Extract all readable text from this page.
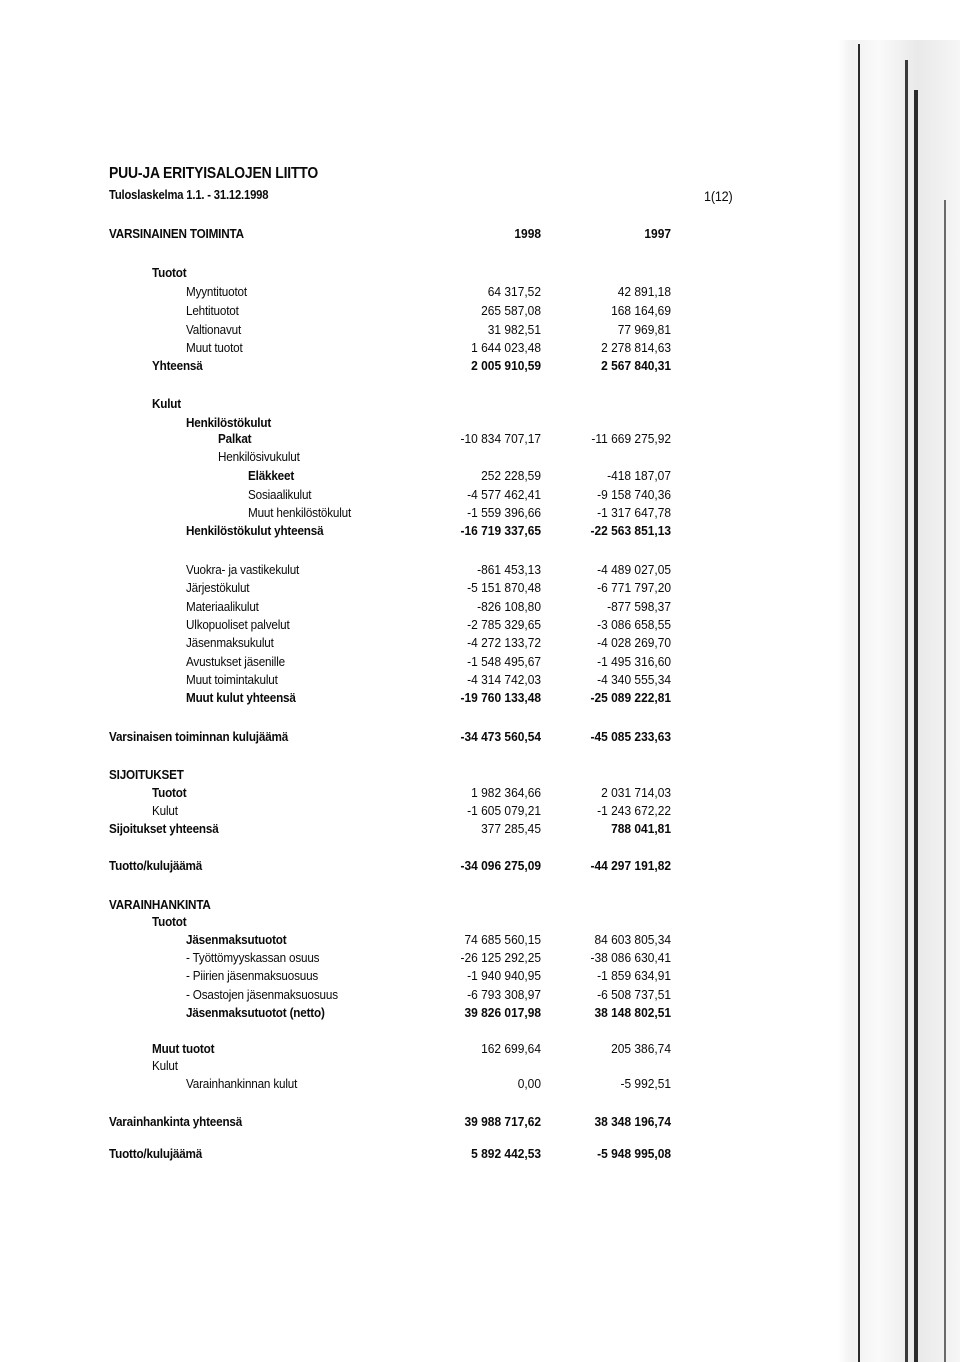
PUU-JA ERITYISALOJEN LIITTO
Tuloslaskelma 1.1. - 31.12.1998	1(12)
VARSINAINEN TOIMINTA	1998	1997
Tuotot
Myyntituotot	64 317,52	42 891,18
Lehtituotot	265 587,08	168 164,69
Valtionavut	31 982,51	77 969,81
Muut tuotot	1 644 023,48	2 278 814,63
Yhteensä	2 005 910,59	2 567 840,31
Kulut
Henkilöstökulut
Palkat	-10 834 707,17	-11 669 275,92
Henkilösivukulut
Eläkkeet	252 228,59	-418 187,07
Sosiaalikulut	-4 577 462,41	-9 158 740,36
Muut henkilöstökulut	-1 559 396,66	-1 317 647,78
Henkilöstökulut yhteensä	-16 719 337,65	-22 563 851,13
Vuokra- ja vastikekulut	-861 453,13	-4 489 027,05
Järjestökulut	-5 151 870,48	-6 771 797,20
Materiaalikulut	-826 108,80	-877 598,37
Ulkopuoliset palvelut	-2 785 329,65	-3 086 658,55
Jäsenmaksukulut	-4 272 133,72	-4 028 269,70
Avustukset jäsenille	-1 548 495,67	-1 495 316,60
Muut toimintakulut	-4 314 742,03	-4 340 555,34
Muut kulut yhteensä	-19 760 133,48	-25 089 222,81
Varsinaisen toiminnan kulujäämä	-34 473 560,54	-45 085 233,63
SIJOITUKSET
Tuotot	1 982 364,66	2 031 714,03
Kulut	-1 605 079,21	-1 243 672,22
Sijoitukset yhteensä	377 285,45	788 041,81
Tuotto/kulujäämä	-34 096 275,09	-44 297 191,82
VARAINHANKINTA
Tuotot
Jäsenmaksutuotot	74 685 560,15	84 603 805,34
- Työttömyyskassan osuus	-26 125 292,25	-38 086 630,41
- Piirien jäsenmaksuosuus	-1 940 940,95	-1 859 634,91
- Osastojen jäsenmaksuosuus	-6 793 308,97	-6 508 737,51
Jäsenmaksutuotot (netto)	39 826 017,98	38 148 802,51
Muut tuotot	162 699,64	205 386,74
Kulut
Varainhankinnan kulut	0,00	-5 992,51
Varainhankinta yhteensä	39 988 717,62	38 348 196,74
Tuotto/kulujäämä	5 892 442,53	-5 948 995,08
